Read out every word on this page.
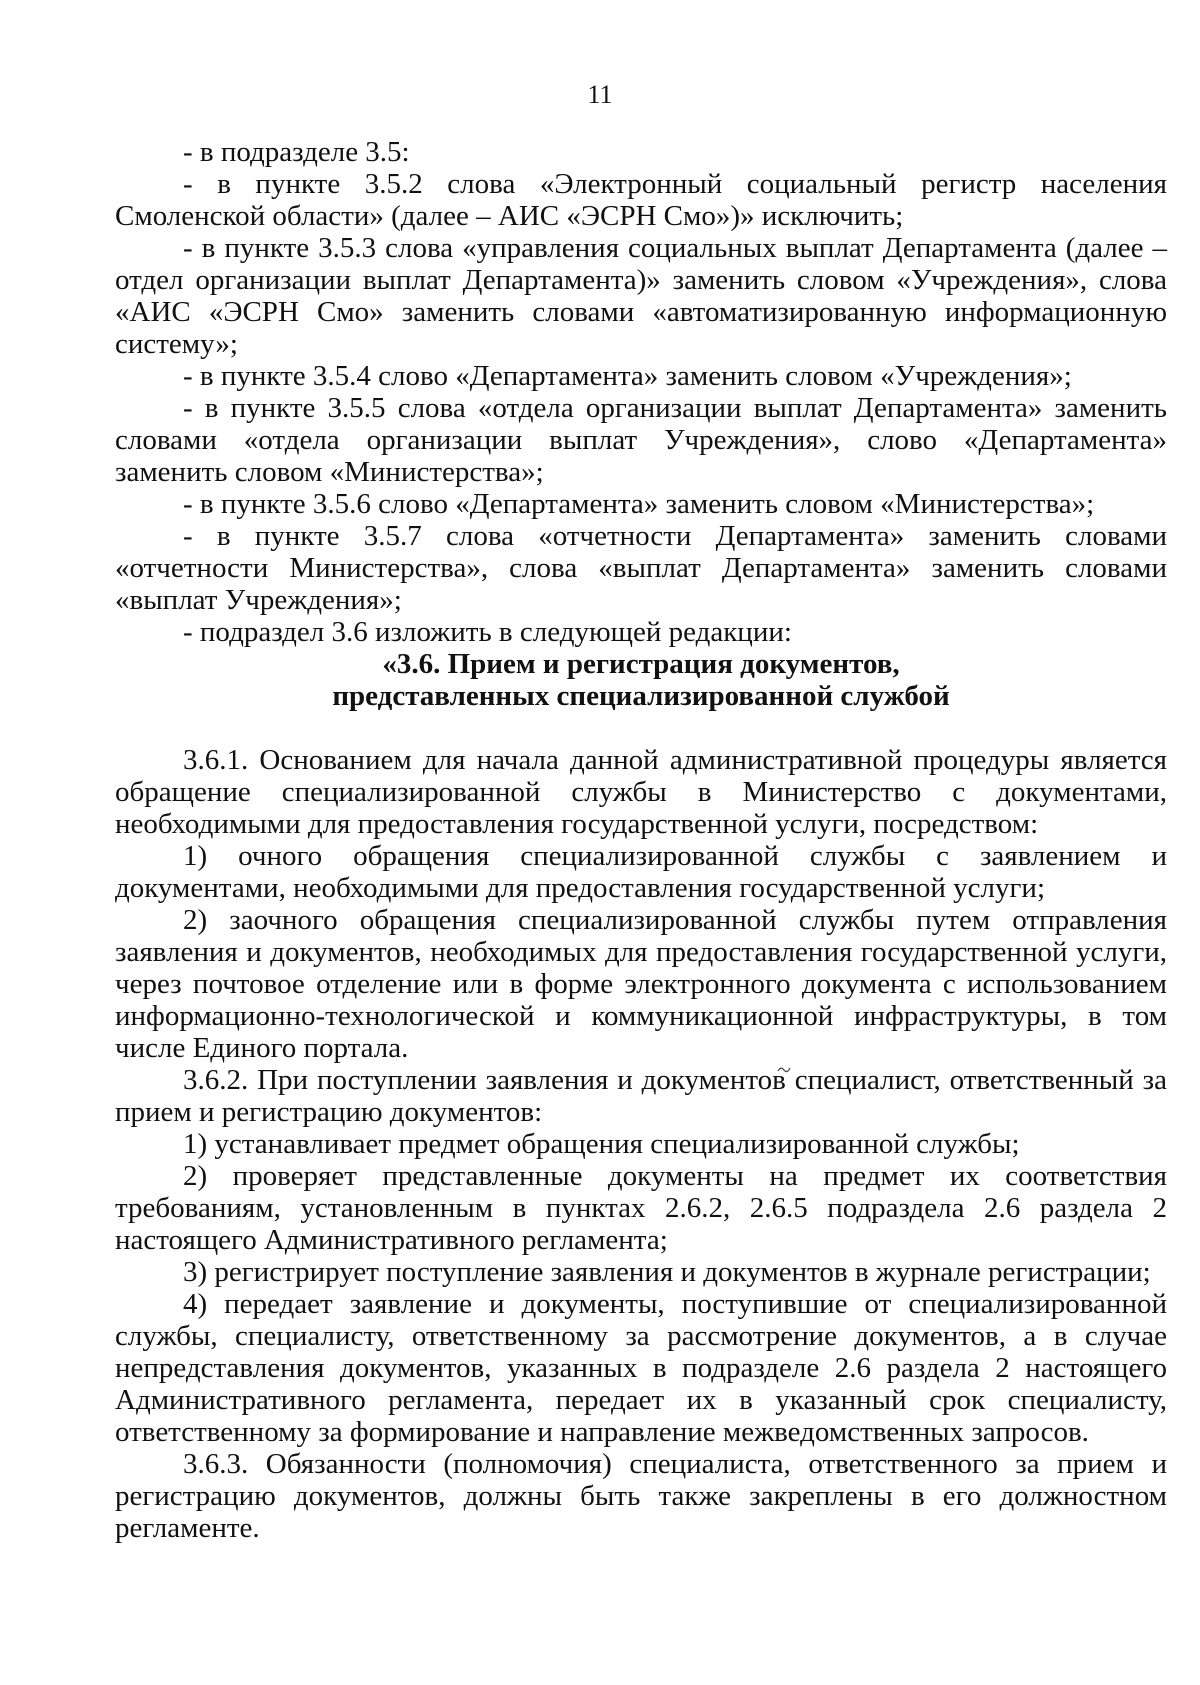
11

- в подразделе 3.5:

- в пункте 3.5.2 слова «Электронный социальный регистр населения Смоленской области» (далее – АИС «ЭСРН Смо»)» исключить;

- в пункте 3.5.3 слова «управления социальных выплат Департамента (далее – отдел организации выплат Департамента)» заменить словом «Учреждения», слова «АИС «ЭСРН Смо» заменить словами «автоматизированную информационную систему»;

- в пункте 3.5.4 слово «Департамента» заменить словом «Учреждения»;

- в пункте 3.5.5 слова «отдела организации выплат Департамента» заменить словами «отдела организации выплат Учреждения», слово «Департамента» заменить словом «Министерства»;

- в пункте 3.5.6 слово «Департамента» заменить словом «Министерства»;

- в пункте 3.5.7 слова «отчетности Департамента» заменить словами «отчетности Министерства», слова «выплат Департамента» заменить словами «выплат Учреждения»;

- подраздел 3.6 изложить в следующей редакции:

«3.6. Прием и регистрация документов,

представленных специализированной службой

3.6.1. Основанием для начала данной административной процедуры является обращение специализированной службы в Министерство с документами, необходимыми для предоставления государственной услуги, посредством:

1) очного обращения специализированной службы с заявлением и документами, необходимыми для предоставления государственной услуги;

2) заочного обращения специализированной службы путем отправления заявления и документов, необходимых для предоставления государственной услуги, через почтовое отделение или в форме электронного документа с использованием информационно-технологической и коммуникационной инфраструктуры, в том числе Единого портала.

3.6.2. При поступлении заявления и документов специалист, ответственный за прием и регистрацию документов:

1) устанавливает предмет обращения специализированной службы;

2) проверяет представленные документы на предмет их соответствия требованиям, установленным в пунктах 2.6.2, 2.6.5 подраздела 2.6 раздела 2 настоящего Административного регламента;

3) регистрирует поступление заявления и документов в журнале регистрации;

4) передает заявление и документы, поступившие от специализированной службы, специалисту, ответственному за рассмотрение документов, а в случае непредставления документов, указанных в подразделе 2.6 раздела 2 настоящего Административного регламента, передает их в указанный срок специалисту, ответственному за формирование и направление межведомственных запросов.

3.6.3. Обязанности (полномочия) специалиста, ответственного за прием и регистрацию документов, должны быть также закреплены в его должностном регламенте.
